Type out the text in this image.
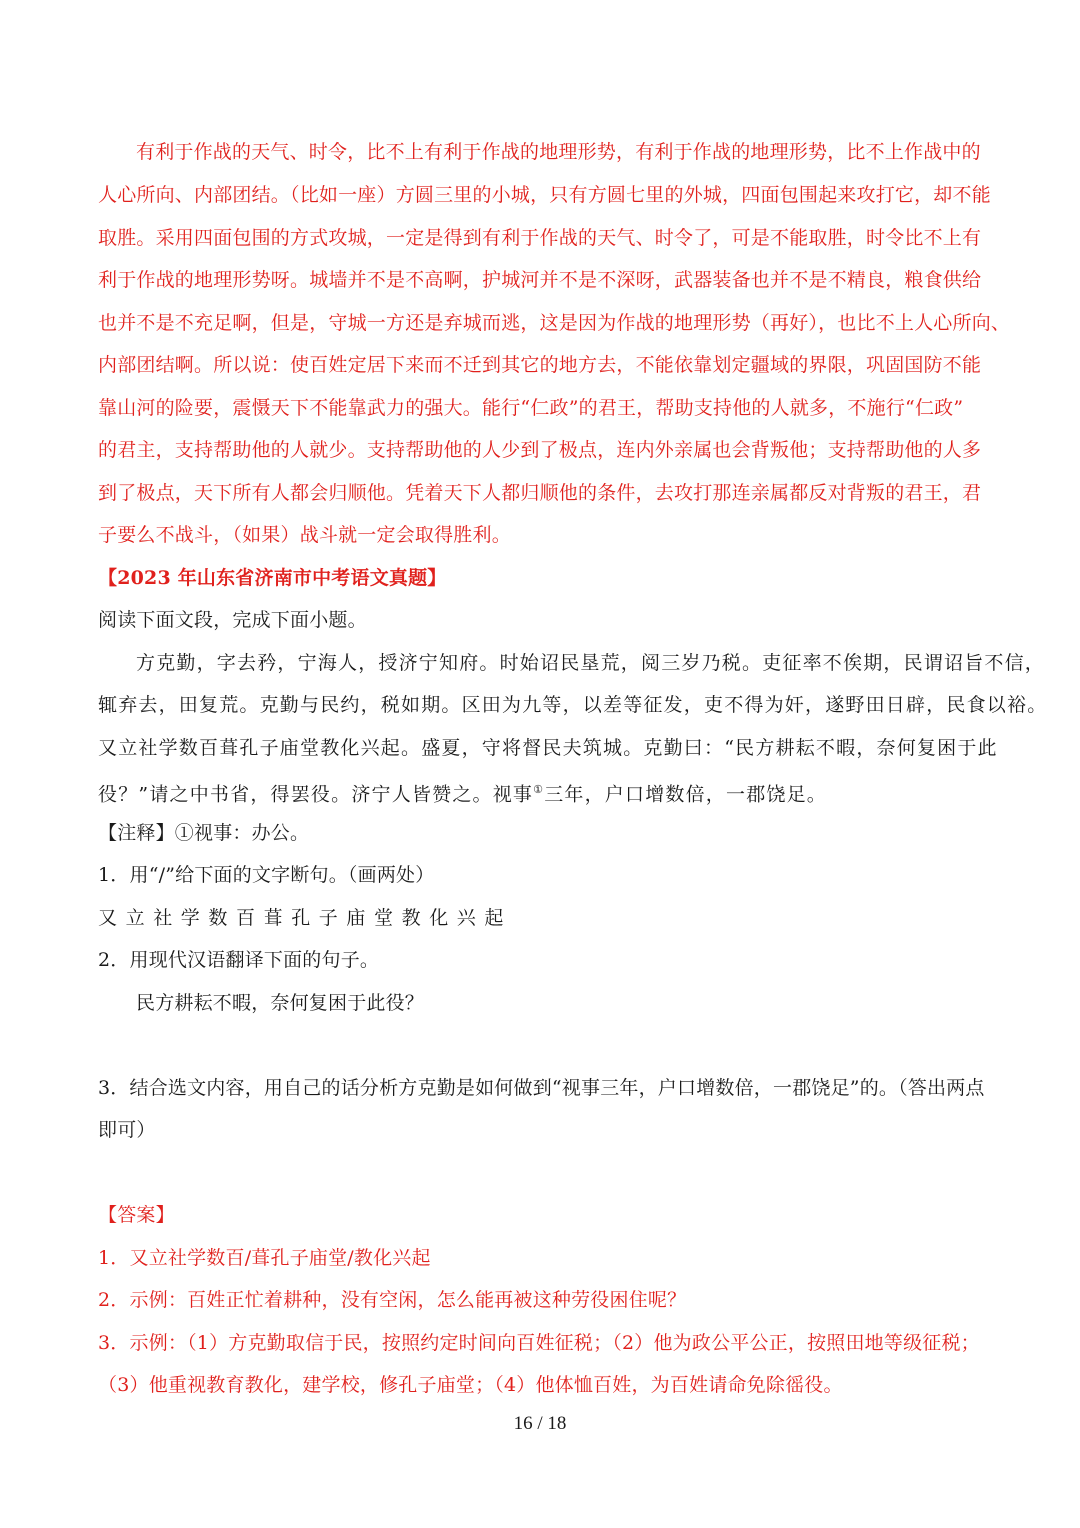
有利于作战的天气、时令，比不上有利于作战的地理形势，有利于作战的地理形势，比不上作战中的
人心所向、内部团结。（比如一座）方圆三里的小城，只有方圆七里的外城，四面包围起来攻打它，却不能
取胜。采用四面包围的方式攻城，一定是得到有利于作战的天气、时令了，可是不能取胜，时令比不上有
利于作战的地理形势呀。城墙并不是不高啊，护城河并不是不深呀，武器装备也并不是不精良，粮食供给
也并不是不充足啊，但是，守城一方还是弃城而逃，这是因为作战的地理形势（再好），也比不上人心所向、
内部团结啊。所以说：使百姓定居下来而不迁到其它的地方去，不能依靠划定疆域的界限，巩固国防不能
靠山河的险要，震慑天下不能靠武力的强大。能行“仁政”的君王，帮助支持他的人就多，不施行“仁政”
的君主，支持帮助他的人就少。支持帮助他的人少到了极点，连内外亲属也会背叛他；支持帮助他的人多
到了极点，天下所有人都会归顺他。凭着天下人都归顺他的条件，去攻打那连亲属都反对背叛的君王，君
子要么不战斗，（如果）战斗就一定会取得胜利。
【2023 年山东省济南市中考语文真题】
阅读下面文段，完成下面小题。
方克勤，字去矜，宁海人，授济宁知府。时始诏民垦荒，阅三岁乃税。吏征率不俟期，民谓诏旨不信，
辄弃去，田复荒。克勤与民约，税如期。区田为九等，以差等征发，吏不得为奸，遂野田日辟，民食以裕。
又立社学数百葺孔子庙堂教化兴起。盛夏，守将督民夫筑城。克勤曰：“民方耕耘不暇，奈何复困于此
役？”请之中书省，得罢役。济宁人皆赞之。视事①三年，户口增数倍，一郡饶足。
【注释】①视事：办公。
1．用“/”给下面的文字断句。（画两处）
又立社学数百葺孔子庙堂教化兴起
2．用现代汉语翻译下面的句子。
民方耕耘不暇，奈何复困于此役？
3．结合选文内容，用自己的话分析方克勤是如何做到“视事三年，户口增数倍，一郡饶足”的。（答出两点
即可）
【答案】
1．又立社学数百/葺孔子庙堂/教化兴起
2．示例：百姓正忙着耕种，没有空闲，怎么能再被这种劳役困住呢？
3．示例：（1）方克勤取信于民，按照约定时间向百姓征税；（2）他为政公平公正，按照田地等级征税；
（3）他重视教育教化，建学校，修孔子庙堂；（4）他体恤百姓，为百姓请命免除徭役。
16 / 18
